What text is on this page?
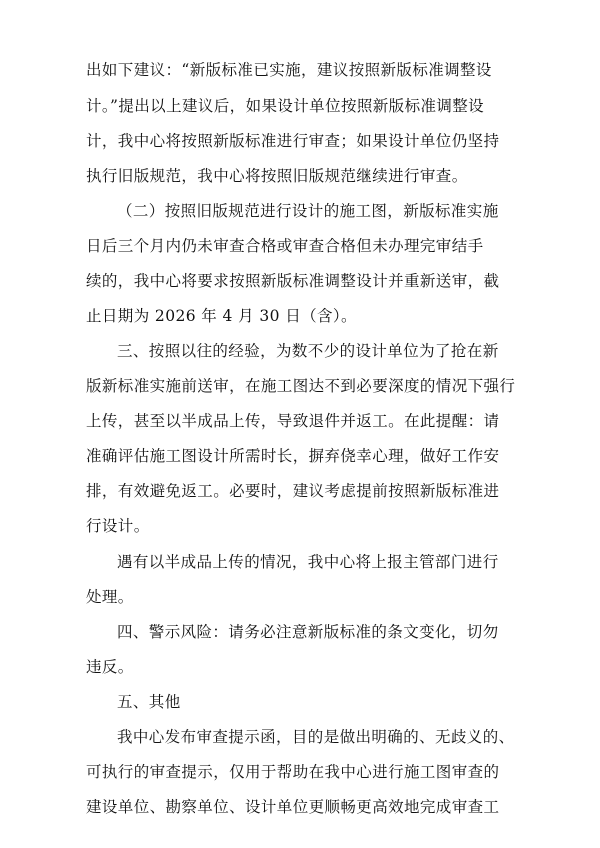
出如下建议：“新版标准已实施，建议按照新版标准调整设
计。”提出以上建议后，如果设计单位按照新版标准调整设
计，我中心将按照新版标准进行审查；如果设计单位仍坚持
执行旧版规范，我中心将按照旧版规范继续进行审查。
（二）按照旧版规范进行设计的施工图，新版标准实施
日后三个月内仍未审查合格或审查合格但未办理完审结手
续的，我中心将要求按照新版标准调整设计并重新送审，截
止日期为 2026 年 4 月 30 日（含）。
三、按照以往的经验，为数不少的设计单位为了抢在新
版新标准实施前送审，在施工图达不到必要深度的情况下强行
上传，甚至以半成品上传，导致退件并返工。在此提醒：请
准确评估施工图设计所需时长，摒弃侥幸心理，做好工作安
排，有效避免返工。必要时，建议考虑提前按照新版标准进
行设计。
遇有以半成品上传的情况，我中心将上报主管部门进行
处理。
四、警示风险：请务必注意新版标准的条文变化，切勿
违反。
五、其他
我中心发布审查提示函，目的是做出明确的、无歧义的、
可执行的审查提示，仅用于帮助在我中心进行施工图审查的
建设单位、勘察单位、设计单位更顺畅更高效地完成审查工
